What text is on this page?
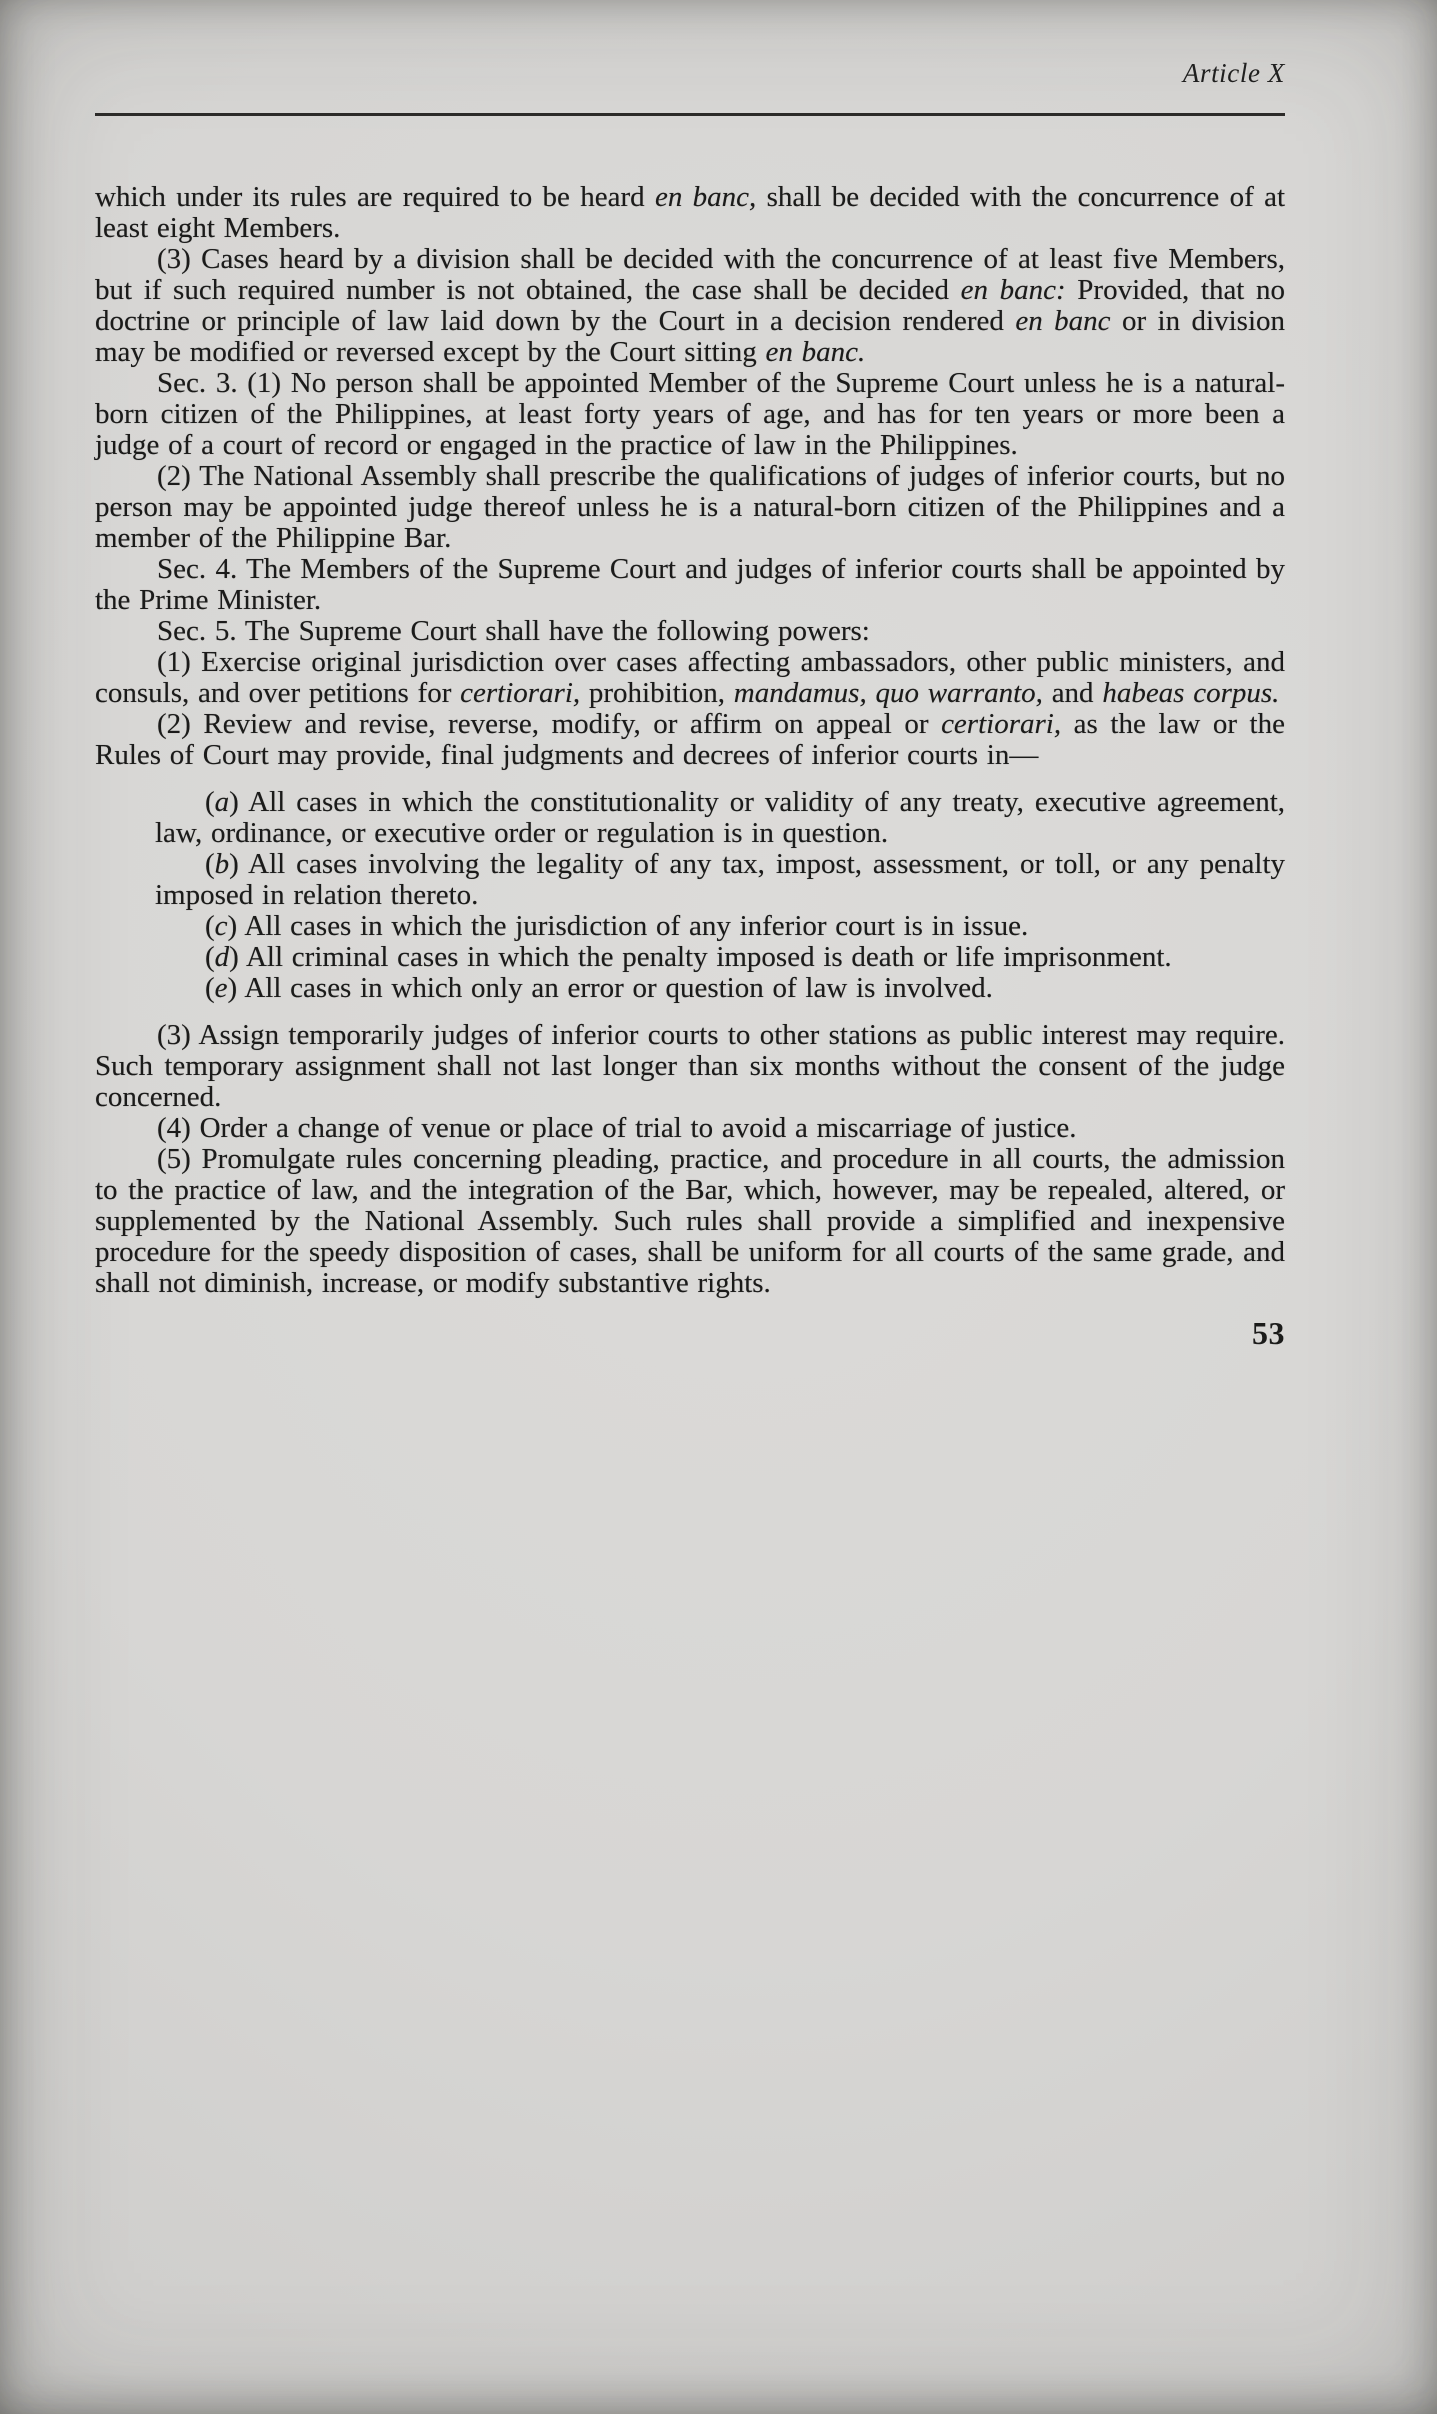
Article X

which under its rules are required to be heard en banc, shall be decided with the concurrence of at least eight Members.

(3) Cases heard by a division shall be decided with the concurrence of at least five Members, but if such required number is not obtained, the case shall be decided en banc: Provided, that no doctrine or principle of law laid down by the Court in a decision rendered en banc or in division may be modified or reversed except by the Court sitting en banc.

Sec. 3. (1) No person shall be appointed Member of the Supreme Court unless he is a natural-born citizen of the Philippines, at least forty years of age, and has for ten years or more been a judge of a court of record or engaged in the practice of law in the Philippines.

(2) The National Assembly shall prescribe the qualifications of judges of inferior courts, but no person may be appointed judge thereof unless he is a natural-born citizen of the Philippines and a member of the Philippine Bar.

Sec. 4. The Members of the Supreme Court and judges of inferior courts shall be appointed by the Prime Minister.

Sec. 5. The Supreme Court shall have the following powers:

(1) Exercise original jurisdiction over cases affecting ambassadors, other public ministers, and consuls, and over petitions for certiorari, prohibition, mandamus, quo warranto, and habeas corpus.

(2) Review and revise, reverse, modify, or affirm on appeal or certiorari, as the law or the Rules of Court may provide, final judgments and decrees of inferior courts in—

(a) All cases in which the constitutionality or validity of any treaty, executive agreement, law, ordinance, or executive order or regulation is in question.

(b) All cases involving the legality of any tax, impost, assessment, or toll, or any penalty imposed in relation thereto.

(c) All cases in which the jurisdiction of any inferior court is in issue.

(d) All criminal cases in which the penalty imposed is death or life imprisonment.

(e) All cases in which only an error or question of law is involved.

(3) Assign temporarily judges of inferior courts to other stations as public interest may require. Such temporary assignment shall not last longer than six months without the consent of the judge concerned.

(4) Order a change of venue or place of trial to avoid a miscarriage of justice.

(5) Promulgate rules concerning pleading, practice, and procedure in all courts, the admission to the practice of law, and the integration of the Bar, which, however, may be repealed, altered, or supplemented by the National Assembly. Such rules shall provide a simplified and inexpensive procedure for the speedy disposition of cases, shall be uniform for all courts of the same grade, and shall not diminish, increase, or modify substantive rights.

53
